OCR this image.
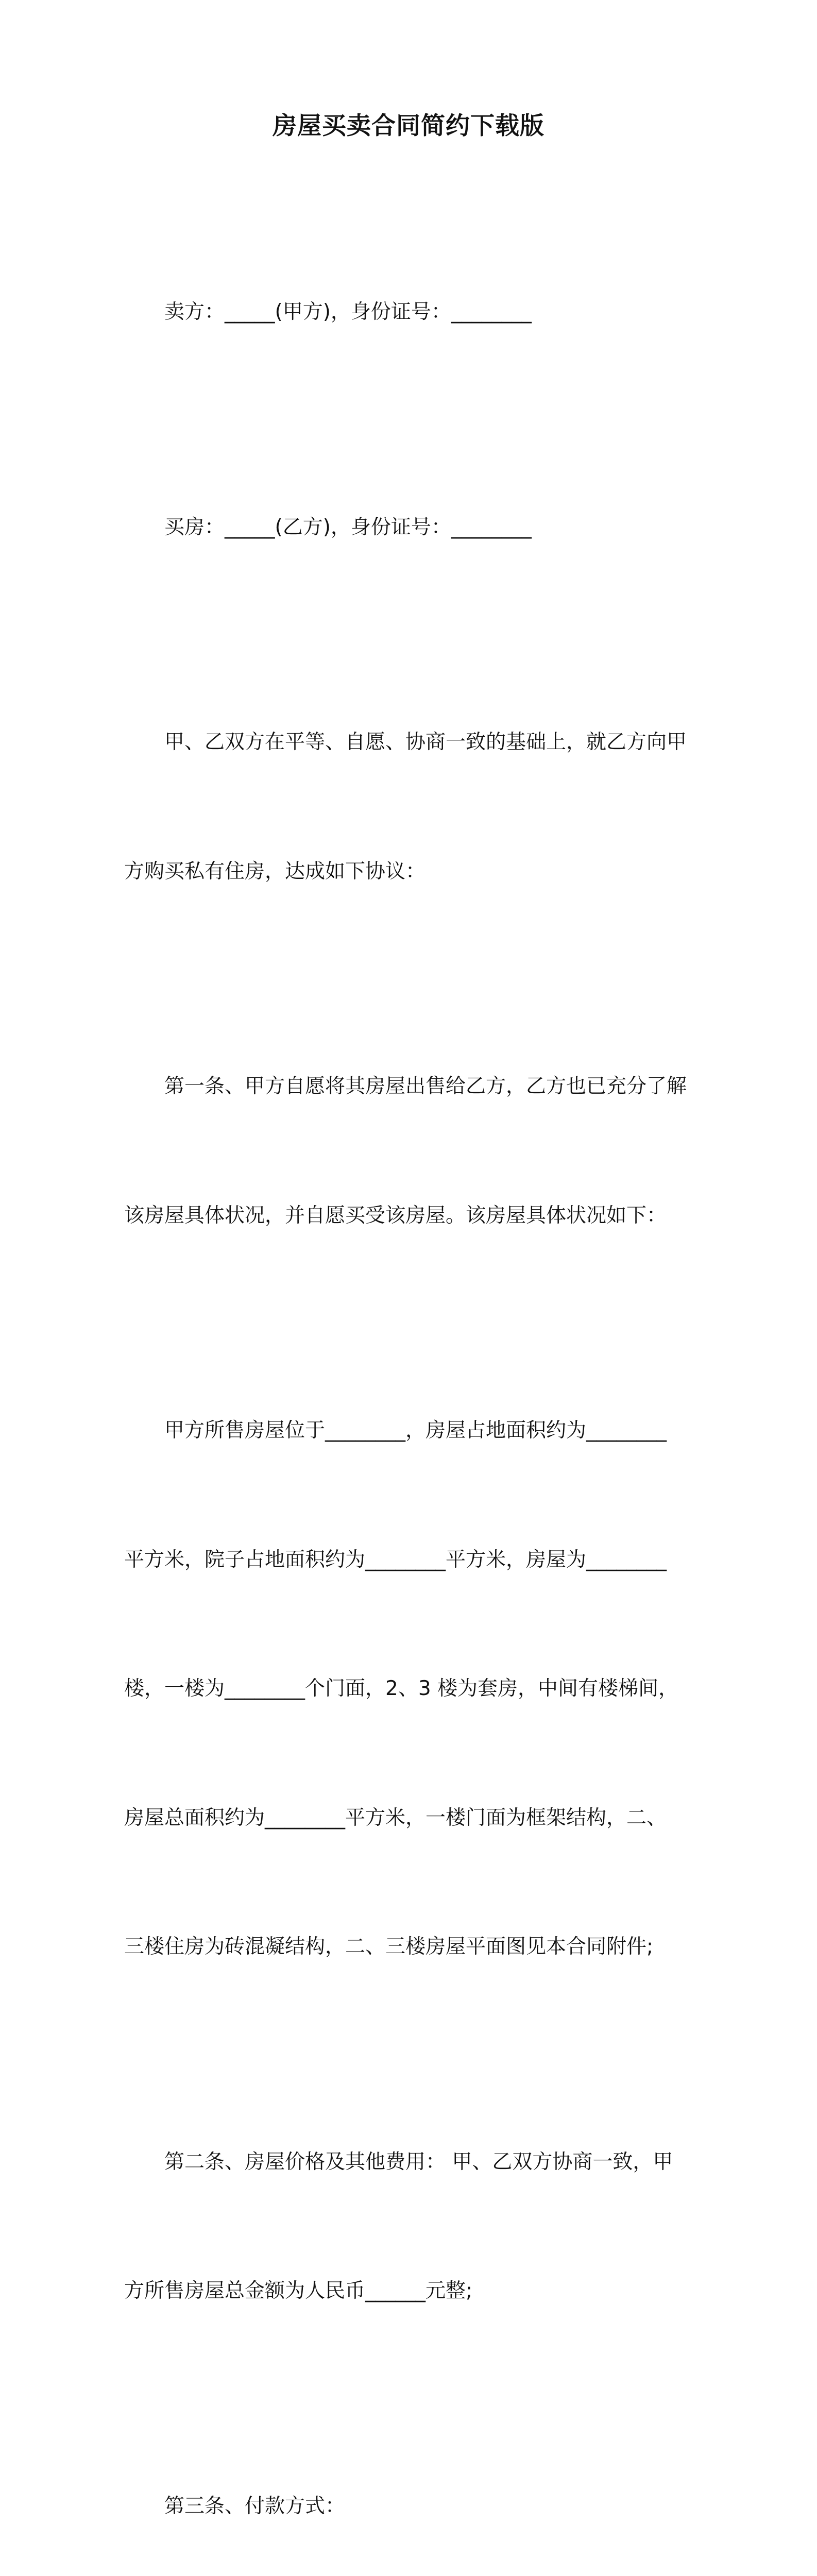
房屋买卖合同简约下载版

卖方：_____(甲方)，身份证号：________

买房：_____(乙方)，身份证号：________

甲、乙双方在平等、自愿、协商一致的基础上，就乙方向甲

方购买私有住房，达成如下协议：

第一条、甲方自愿将其房屋出售给乙方，乙方也已充分了解

该房屋具体状况，并自愿买受该房屋。该房屋具体状况如下：

甲方所售房屋位于________，房屋占地面积约为________

平方米，院子占地面积约为________平方米，房屋为________

楼，一楼为________个门面，2、3 楼为套房，中间有楼梯间，

房屋总面积约为________平方米，一楼门面为框架结构，二、

三楼住房为砖混凝结构，二、三楼房屋平面图见本合同附件;

第二条、房屋价格及其他费用： 甲、乙双方协商一致，甲

方所售房屋总金额为人民币______元整;

第三条、付款方式：
